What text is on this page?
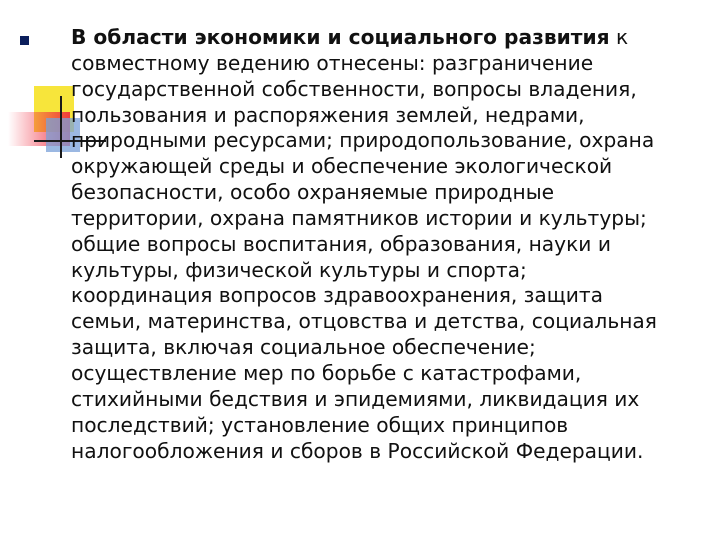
В области экономики и социального развития к
совместному ведению отнесены: разграничение
государственной собственности, вопросы владения,
пользования и распоряжения землей, недрами,
природными ресурсами; природопользование, охрана
окружающей среды и обеспечение экологической
безопасности, особо охраняемые природные
территории, охрана памятников истории и культуры;
общие вопросы воспитания, образования, науки и
культуры, физической культуры и спорта;
координация вопросов здравоохранения, защита
семьи, материнства, отцовства и детства, социальная
защита, включая социальное обеспечение;
осуществление мер по борьбе с катастрофами,
стихийными бедствия и эпидемиями, ликвидация их
последствий; установление общих принципов
налогообложения и сборов в Российской Федерации.
